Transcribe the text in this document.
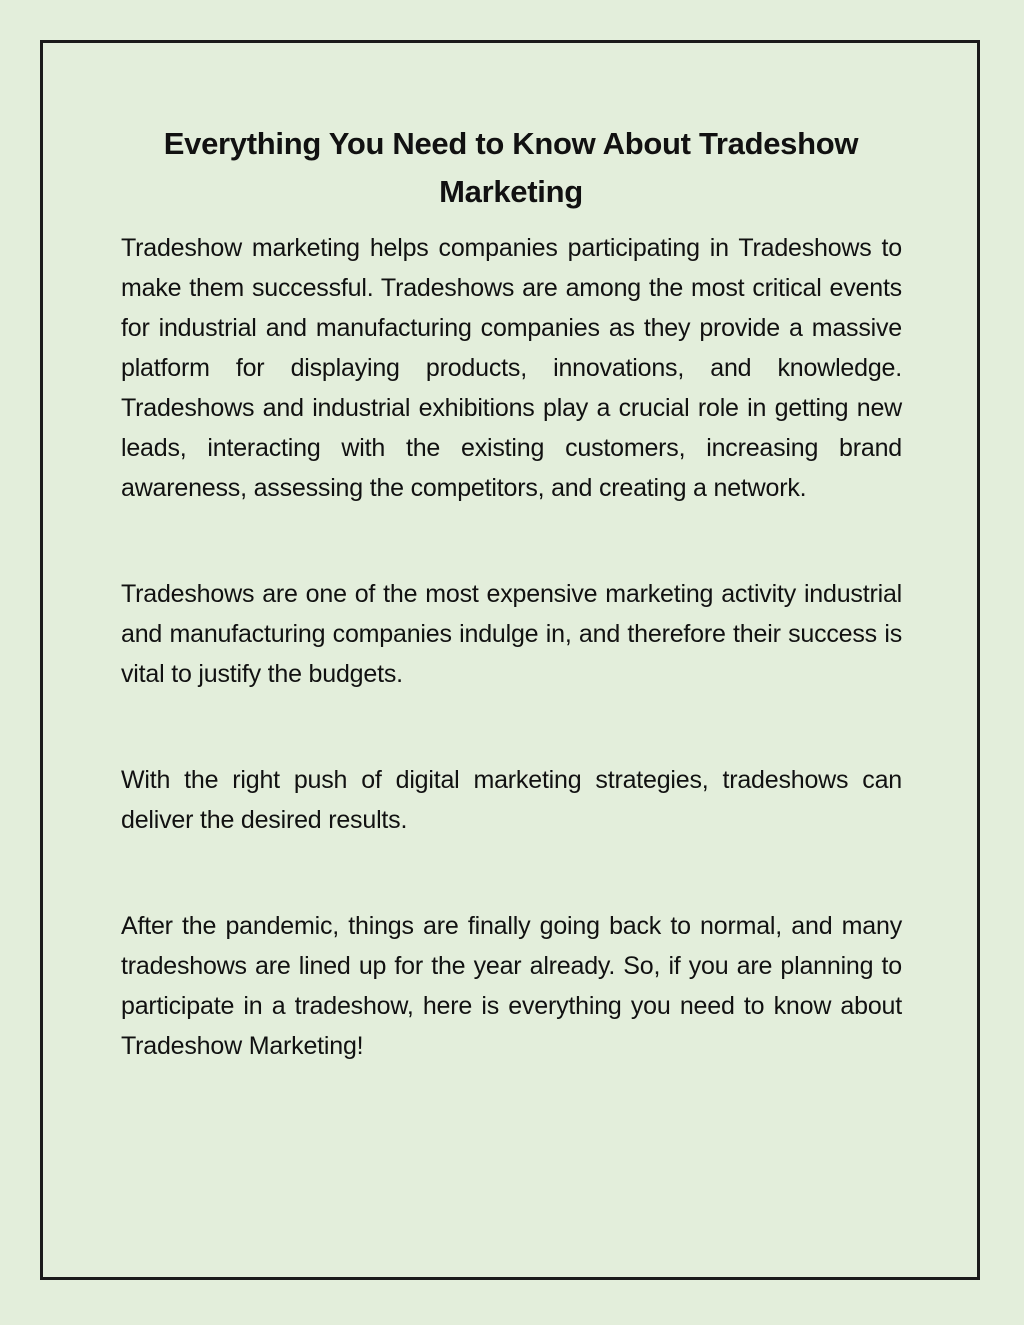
Everything You Need to Know About Tradeshow Marketing

Tradeshow marketing helps companies participating in Tradeshows to make them successful. Tradeshows are among the most critical events for industrial and manufacturing companies as they provide a massive platform for displaying products, innovations, and knowledge. Tradeshows and industrial exhibitions play a crucial role in getting new leads, interacting with the existing customers, increasing brand awareness, assessing the competitors, and creating a network.

Tradeshows are one of the most expensive marketing activity industrial and manufacturing companies indulge in, and therefore their success is vital to justify the budgets.

With the right push of digital marketing strategies, tradeshows can deliver the desired results.

After the pandemic, things are finally going back to normal, and many tradeshows are lined up for the year already. So, if you are planning to participate in a tradeshow, here is everything you need to know about Tradeshow Marketing!
